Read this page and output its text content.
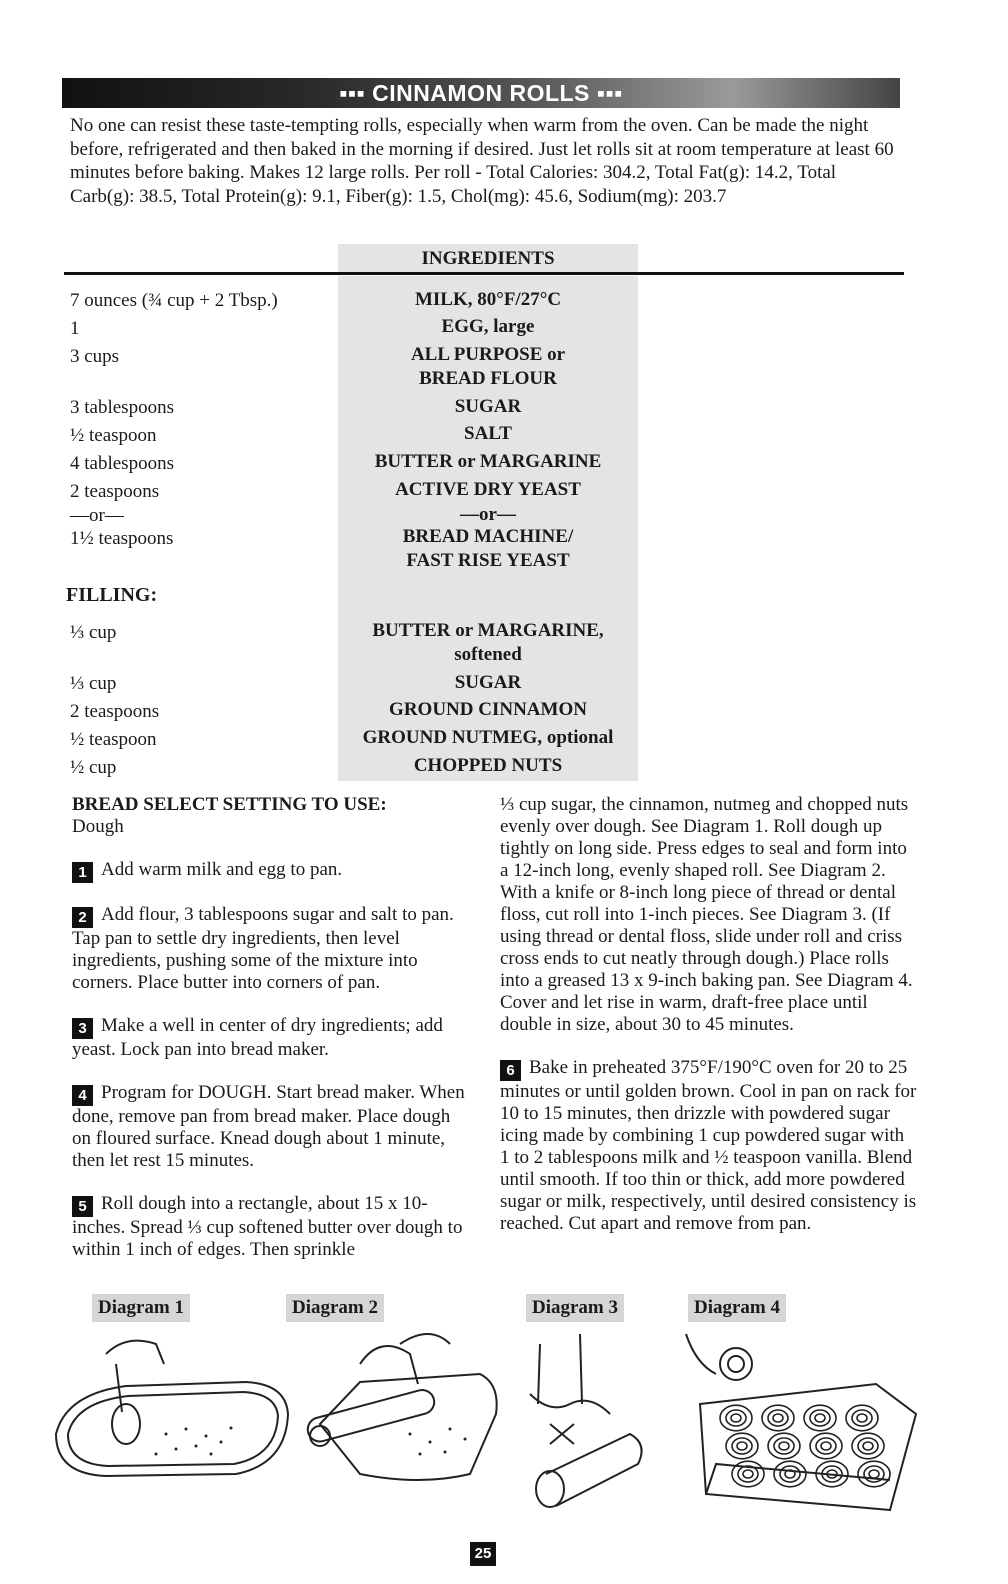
▪▪▪ CINNAMON ROLLS ▪▪▪
No one can resist these taste-tempting rolls, especially when warm from the oven. Can be made the night before, refrigerated and then baked in the morning if desired. Just let rolls sit at room temperature at least 60 minutes before baking. Makes 12 large rolls. Per roll - Total Calories: 304.2, Total Fat(g): 14.2, Total Carb(g): 38.5, Total Protein(g): 9.1, Fiber(g): 1.5, Chol(mg): 45.6, Sodium(mg): 203.7
INGREDIENTS
7 ounces (¾ cup + 2 Tbsp.)	MILK, 80°F/27°C
1	EGG, large
3 cups	ALL PURPOSE or
BREAD FLOUR
3 tablespoons	SUGAR
½ teaspoon	SALT
4 tablespoons	BUTTER or MARGARINE
2 teaspoons	ACTIVE DRY YEAST
—or—	—or—
1½ teaspoons	BREAD MACHINE/
FAST RISE YEAST
FILLING:
⅓ cup	BUTTER or MARGARINE,
softened
⅓ cup	SUGAR
2 teaspoons	GROUND CINNAMON
½ teaspoon	GROUND NUTMEG, optional
½ cup	CHOPPED NUTS

BREAD SELECT SETTING TO USE:

Dough

1 Add warm milk and egg to pan.

2 Add flour, 3 tablespoons sugar and salt to pan. Tap pan to settle dry ingredients, then level ingredients, pushing some of the mixture into corners. Place butter into corners of pan.

3 Make a well in center of dry ingredients; add yeast. Lock pan into bread maker.

4 Program for DOUGH. Start bread maker. When done, remove pan from bread maker. Place dough on floured surface. Knead dough about 1 minute, then let rest 15 minutes.

5 Roll dough into a rectangle, about 15 x 10-inches. Spread ⅓ cup softened butter over dough to within 1 inch of edges. Then sprinkle

⅓ cup sugar, the cinnamon, nutmeg and chopped nuts evenly over dough. See Diagram 1. Roll dough up tightly on long side. Press edges to seal and form into a 12-inch long, evenly shaped roll. See Diagram 2. With a knife or 8-inch long piece of thread or dental floss, cut roll into 1-inch pieces. See Diagram 3. (If using thread or dental floss, slide under roll and criss cross ends to cut neatly through dough.) Place rolls into a greased 13 x 9-inch baking pan. See Diagram 4. Cover and let rise in warm, draft-free place until double in size, about 30 to 45 minutes.

6 Bake in preheated 375°F/190°C oven for 20 to 25 minutes or until golden brown. Cool in pan on rack for 10 to 15 minutes, then drizzle with powdered sugar icing made by combining 1 cup powdered sugar with 1 to 2 tablespoons milk and ½ teaspoon vanilla. Blend until smooth. If too thin or thick, add more powdered sugar or milk, respectively, until desired consistency is reached. Cut apart and remove from pan.

Diagram 1	Diagram 2	Diagram 3	Diagram 4
25
